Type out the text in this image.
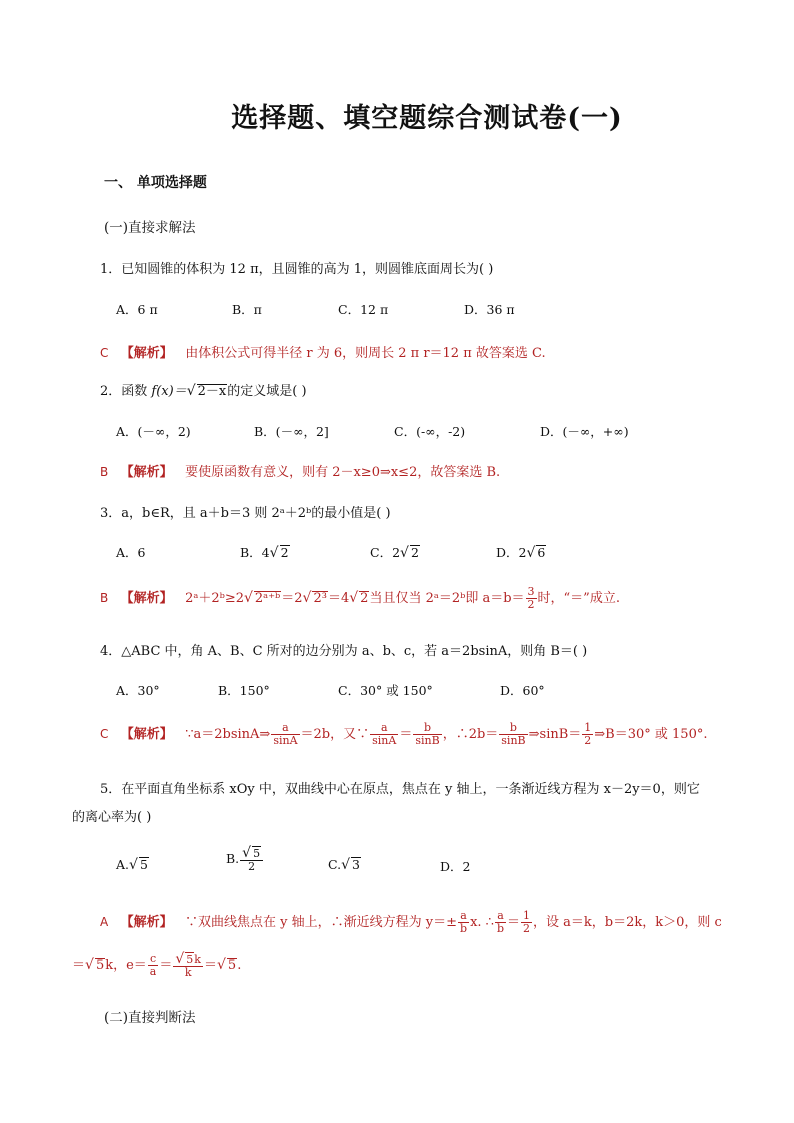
选择题、填空题综合测试卷(一)
一、 单项选择题
(一)直接求解法
1．已知圆锥的体积为 12 π，且圆锥的高为 1，则圆锥底面周长为( )
A．6 π	B．π	C．12 π	D．36 π
C 【解析】 由体积公式可得半径 r 为 6，则周长 2 π r＝12 π 故答案选 C.
2．函数 f(x)＝√ 2－x的定义域是( )
A．(－∞，2)	B．(－∞，2]	C．(-∞，-2)	D．(－∞，+∞)
B 【解析】 要使原函数有意义，则有 2－x≥0⇒x≤2，故答案选 B.
3．a，b∈R，且 a＋b＝3 则 2ᵃ＋2ᵇ的最小值是( )
A．6	B．4√ 2	C．2√ 2	D．2√ 6
B 【解析】 2ᵃ＋2ᵇ≥2√ 2ᵃ⁺ᵇ＝2√ 2³＝4√ 2当且仅当 2ᵃ＝2ᵇ即 $a=b= \frac{3}{2}$ 时，“＝”成立.
4．△ABC 中，角 A、B、C 所对的边分别为 a、b、c，若 a＝2bsinA，则角 B＝( )
A．30°	B．150°	C．30° 或 150°	D．60°
C 【解析】 ∵a＝2bsinA⇒ $\frac{a}{\sin A} =2b$，又∵ $\frac{a}{\sin A} = \frac{b}{\sin B}$ ，∴2b＝ $\frac{b}{\sin B}$ ⇒sinB＝ $\frac{1}{2}$ ⇒B＝30° 或 150°.
5．在平面直角坐标系 xOy 中，双曲线中心在原点，焦点在 y 轴上，一条渐近线方程为 x－2y＝0，则它
的离心率为( )
A.√ 5	B. $\frac{√ 5}{2}$	C.√ 3	D．2
A 【解析】 ∵双曲线焦点在 y 轴上，∴渐近线方程为 $y=\pm \frac{a}{b} x$. ∴ $\frac{a}{b} = \frac{1}{2}$ ，设 a＝k，b＝2k，k＞0，则 c
＝√ 5k，$e= \frac{c}{a} = \frac{√ 5k}{k}$ ＝√ 5.
(二)直接判断法
